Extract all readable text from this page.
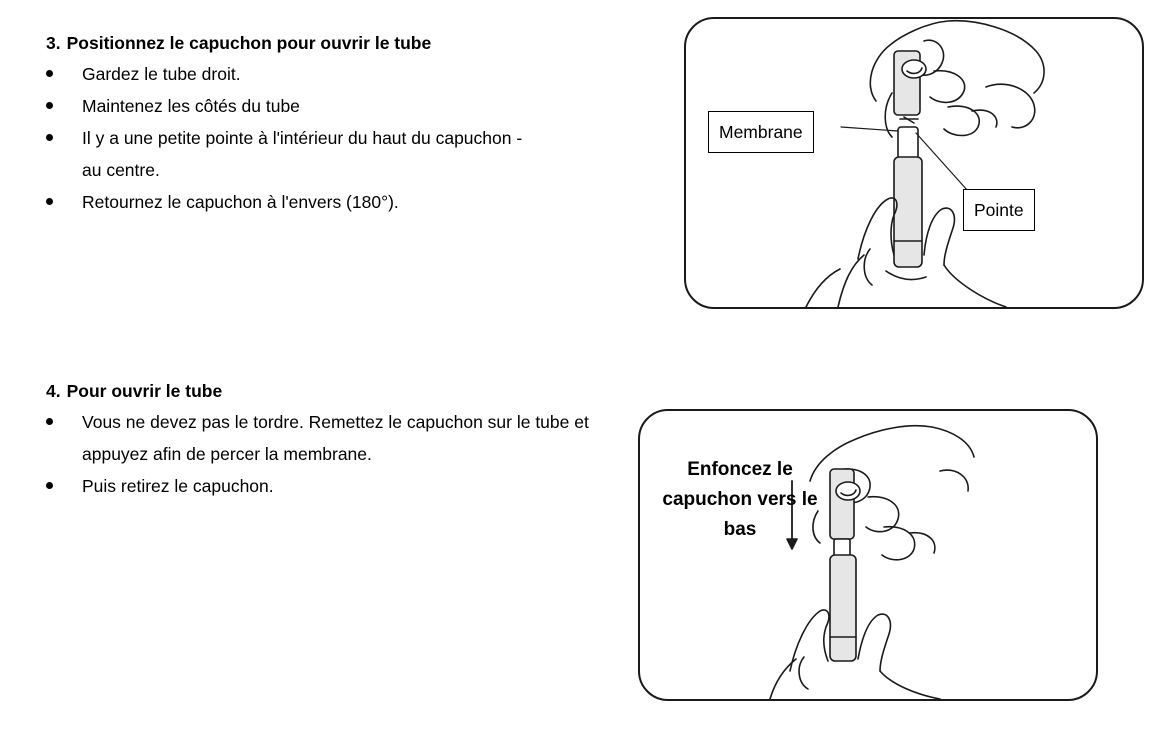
3. Positionnez le capuchon pour ouvrir le tube
Gardez le tube droit.
Maintenez les côtés du tube
Il y a une petite pointe à l'intérieur du haut du capuchon - au centre.
Retournez le capuchon à l'envers (180°).
Membrane
Pointe
4. Pour ouvrir le tube
Vous ne devez pas le tordre. Remettez le capuchon sur le tube et appuyez afin de percer la membrane.
Puis retirez le capuchon.
Enfoncez le capuchon vers le bas
